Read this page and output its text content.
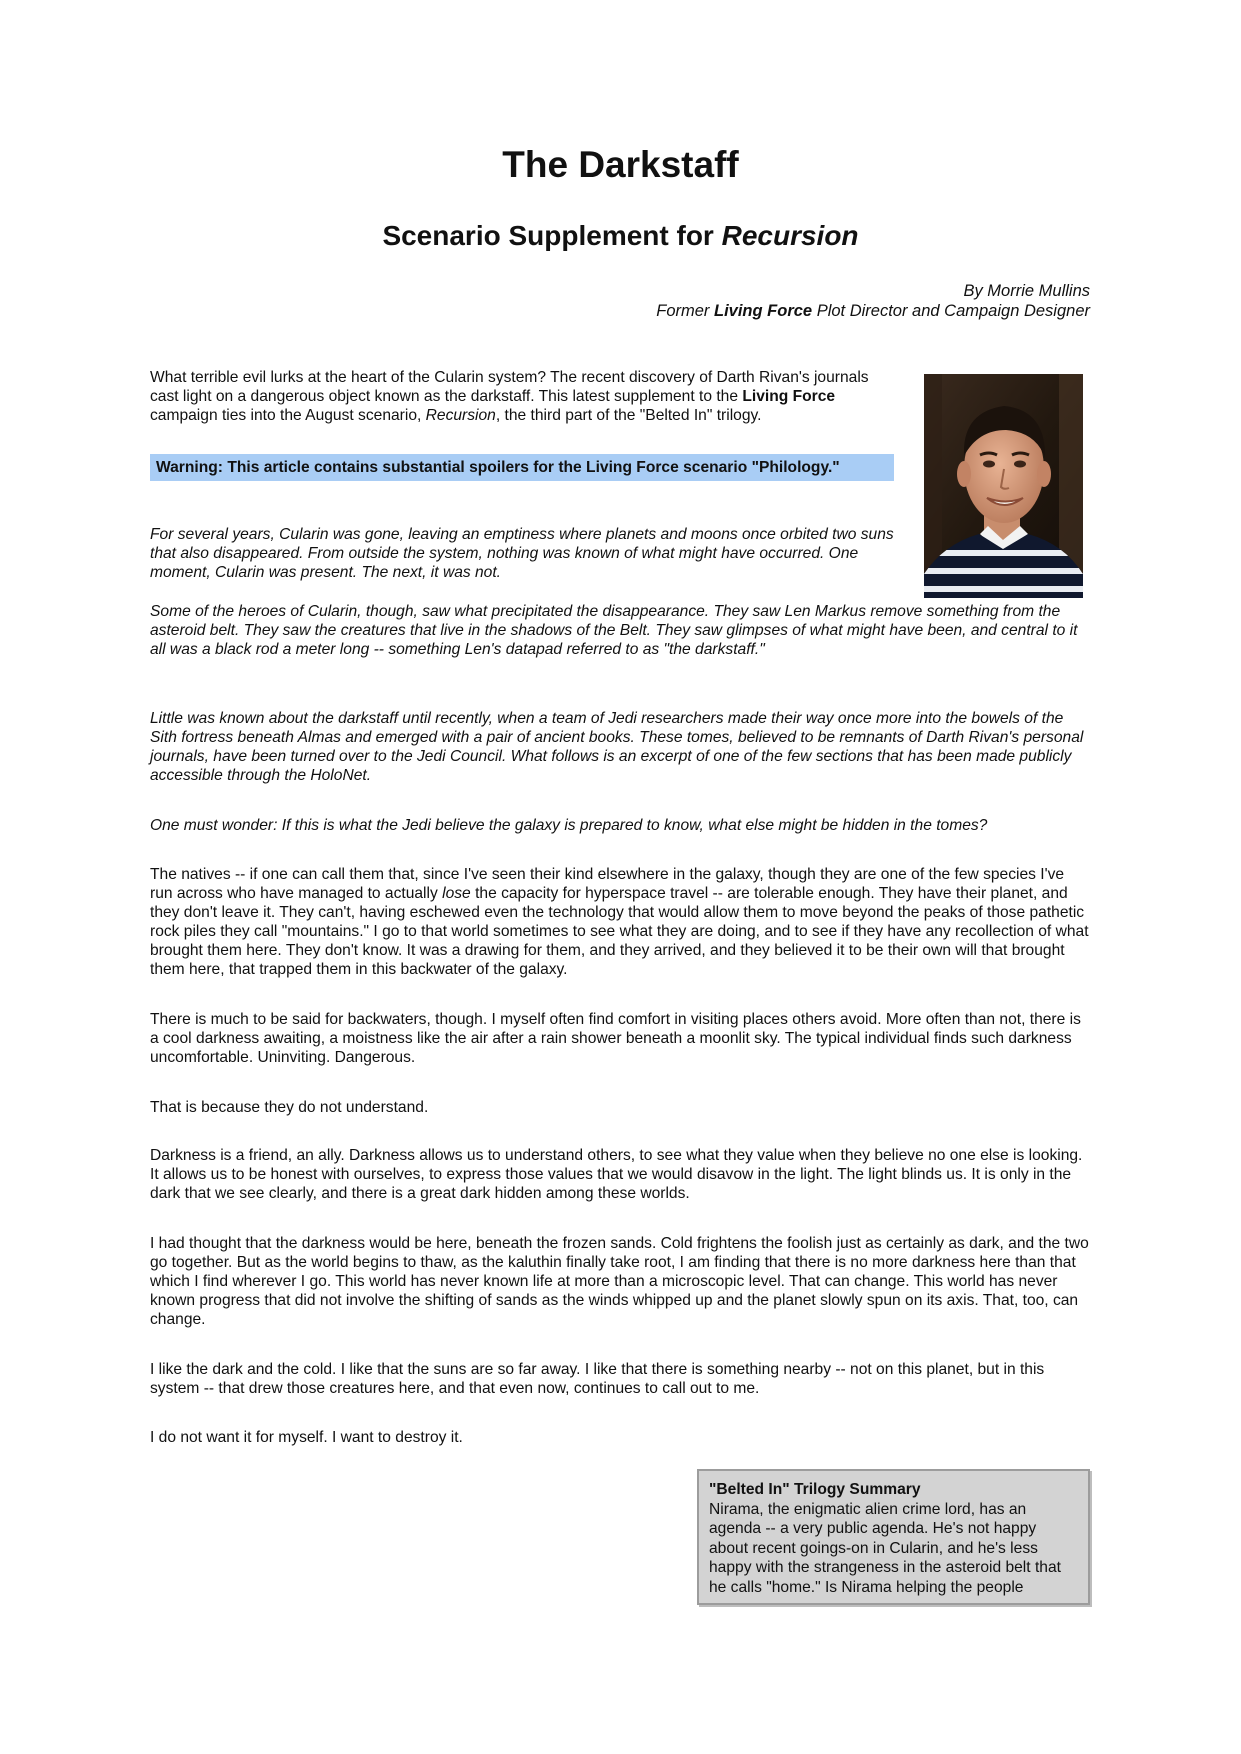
The Darkstaff
Scenario Supplement for Recursion
By Morrie Mullins
Former Living Force Plot Director and Campaign Designer

What terrible evil lurks at the heart of the Cularin system? The recent discovery of Darth Rivan's journals cast light on a dangerous object known as the darkstaff. This latest supplement to the Living Force campaign ties into the August scenario, Recursion, the third part of the "Belted In" trilogy.

Warning: This article contains substantial spoilers for the Living Force scenario "Philology."

For several years, Cularin was gone, leaving an emptiness where planets and moons once orbited two suns that also disappeared. From outside the system, nothing was known of what might have occurred. One moment, Cularin was present. The next, it was not.

Some of the heroes of Cularin, though, saw what precipitated the disappearance. They saw Len Markus remove something from the asteroid belt. They saw the creatures that live in the shadows of the Belt. They saw glimpses of what might have been, and central to it all was a black rod a meter long -- something Len's datapad referred to as "the darkstaff."

Little was known about the darkstaff until recently, when a team of Jedi researchers made their way once more into the bowels of the Sith fortress beneath Almas and emerged with a pair of ancient books. These tomes, believed to be remnants of Darth Rivan's personal journals, have been turned over to the Jedi Council. What follows is an excerpt of one of the few sections that has been made publicly accessible through the HoloNet.

One must wonder: If this is what the Jedi believe the galaxy is prepared to know, what else might be hidden in the tomes?

The natives -- if one can call them that, since I've seen their kind elsewhere in the galaxy, though they are one of the few species I've run across who have managed to actually lose the capacity for hyperspace travel -- are tolerable enough. They have their planet, and they don't leave it. They can't, having eschewed even the technology that would allow them to move beyond the peaks of those pathetic rock piles they call "mountains." I go to that world sometimes to see what they are doing, and to see if they have any recollection of what brought them here. They don't know. It was a drawing for them, and they arrived, and they believed it to be their own will that brought them here, that trapped them in this backwater of the galaxy.

There is much to be said for backwaters, though. I myself often find comfort in visiting places others avoid. More often than not, there is a cool darkness awaiting, a moistness like the air after a rain shower beneath a moonlit sky. The typical individual finds such darkness uncomfortable. Uninviting. Dangerous.

That is because they do not understand.

Darkness is a friend, an ally. Darkness allows us to understand others, to see what they value when they believe no one else is looking. It allows us to be honest with ourselves, to express those values that we would disavow in the light. The light blinds us. It is only in the dark that we see clearly, and there is a great dark hidden among these worlds.

I had thought that the darkness would be here, beneath the frozen sands. Cold frightens the foolish just as certainly as dark, and the two go together. But as the world begins to thaw, as the kaluthin finally take root, I am finding that there is no more darkness here than that which I find wherever I go. This world has never known life at more than a microscopic level. That can change. This world has never known progress that did not involve the shifting of sands as the winds whipped up and the planet slowly spun on its axis. That, too, can change.

I like the dark and the cold. I like that the suns are so far away. I like that there is something nearby -- not on this planet, but in this system -- that drew those creatures here, and that even now, continues to call out to me.

I do not want it for myself. I want to destroy it.

"Belted In" Trilogy Summary
Nirama, the enigmatic alien crime lord, has an agenda -- a very public agenda. He's not happy about recent goings-on in Cularin, and he's less happy with the strangeness in the asteroid belt that he calls "home." Is Nirama helping the people
